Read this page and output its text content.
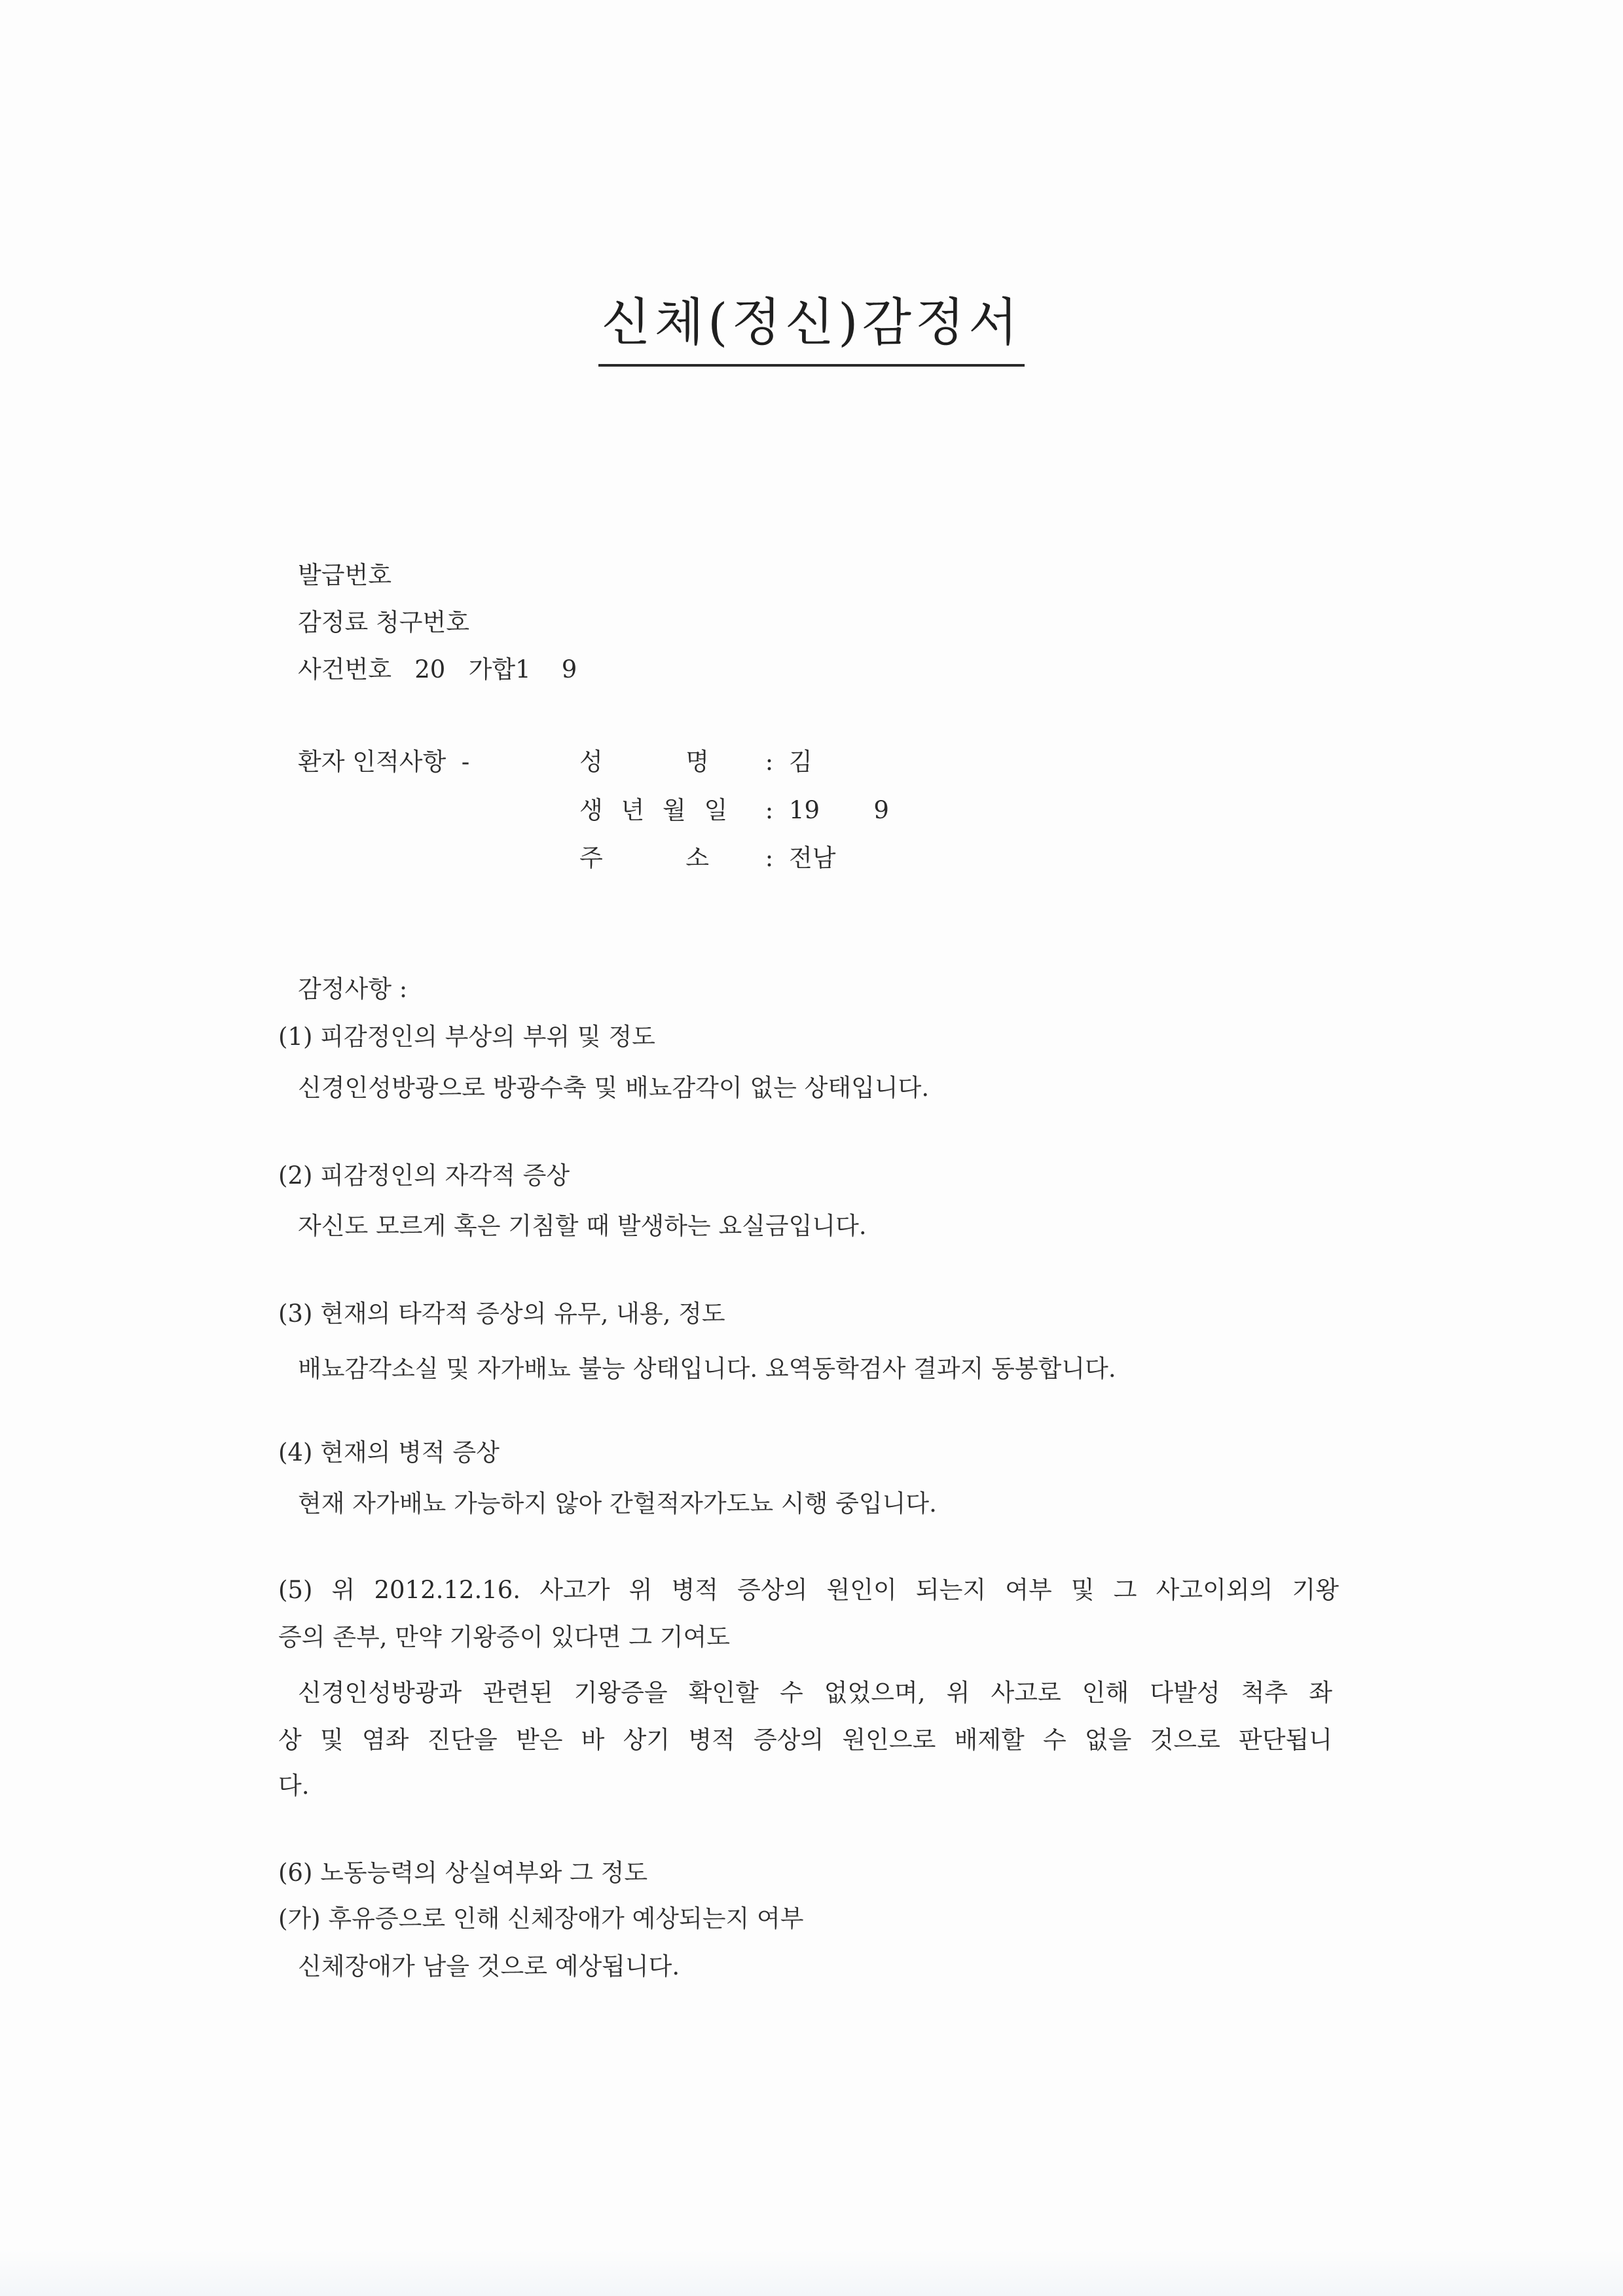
신체(정신)감정서
발급번호
감정료 청구번호
사건번호 20   가합1    9
환자 인적사항  -	성      명 : 김
생 년 월 일 : 19       9
주      소 : 전남
감정사항 :
(1) 피감정인의 부상의 부위 및 정도
신경인성방광으로 방광수축 및 배뇨감각이 없는 상태입니다.
(2) 피감정인의 자각적 증상
자신도 모르게 혹은 기침할 때 발생하는 요실금입니다.
(3) 현재의 타각적 증상의 유무, 내용, 정도
배뇨감각소실 및 자가배뇨 불능 상태입니다. 요역동학검사 결과지 동봉합니다.
(4) 현재의 병적 증상
현재 자가배뇨 가능하지 않아 간헐적자가도뇨 시행 중입니다.
(5) 위 2012.12.16. 사고가 위 병적 증상의 원인이 되는지 여부 및 그 사고이외의 기왕
증의 존부, 만약 기왕증이 있다면 그 기여도
신경인성방광과 관련된 기왕증을 확인할 수 없었으며, 위 사고로 인해 다발성 척추 좌
상 및 염좌 진단을 받은 바 상기 병적 증상의 원인으로 배제할 수 없을 것으로 판단됩니
다.
(6) 노동능력의 상실여부와 그 정도
(가) 후유증으로 인해 신체장애가 예상되는지 여부
신체장애가 남을 것으로 예상됩니다.
